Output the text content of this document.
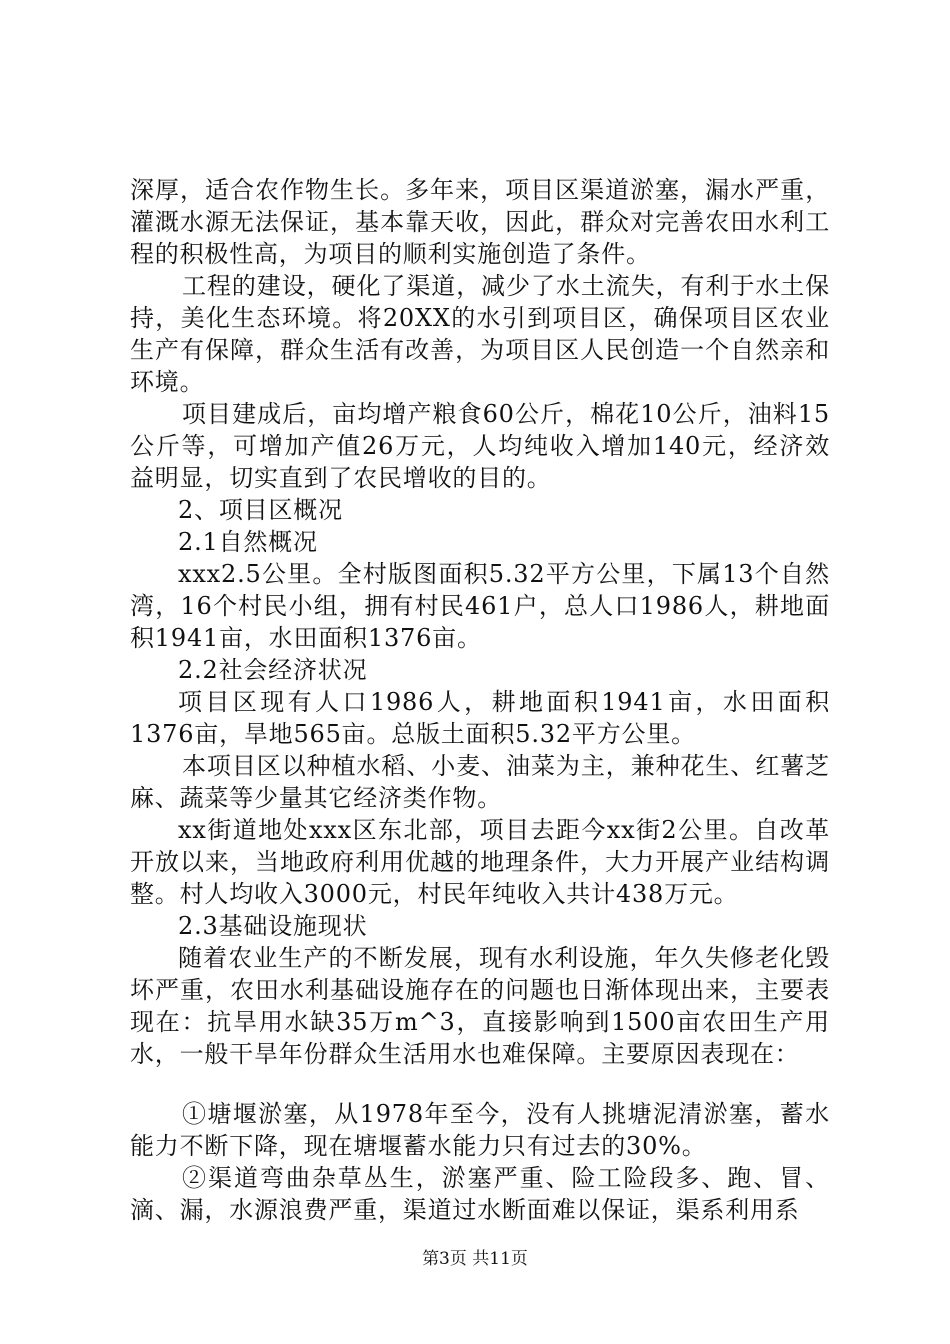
深厚，适合农作物生长。多年来，项目区渠道淤塞，漏水严重，灌溉水源无法保证，基本靠天收，因此，群众对完善农田水利工程的积极性高，为项目的顺利实施创造了条件。

工程的建设，硬化了渠道，减少了水土流失，有利于水土保持，美化生态环境。将20XX的水引到项目区，确保项目区农业生产有保障，群众生活有改善，为项目区人民创造一个自然亲和环境。

项目建成后，亩均增产粮食60公斤，棉花10公斤，油料15公斤等，可增加产值26万元，人均纯收入增加140元，经济效益明显，切实直到了农民增收的目的。

2、项目区概况

2.1自然概况

xxx2.5公里。全村版图面积5.32平方公里，下属13个自然湾，16个村民小组，拥有村民461户，总人口1986人，耕地面积1941亩，水田面积1376亩。

2.2社会经济状况

项目区现有人口1986人，耕地面积1941亩，水田面积1376亩，旱地565亩。总版土面积5.32平方公里。

本项目区以种植水稻、小麦、油菜为主，兼种花生、红薯芝麻、蔬菜等少量其它经济类作物。

xx街道地处xxx区东北部，项目去距今xx街2公里。自改革开放以来，当地政府利用优越的地理条件，大力开展产业结构调整。村人均收入3000元，村民年纯收入共计438万元。

2.3基础设施现状

随着农业生产的不断发展，现有水利设施，年久失修老化毁坏严重，农田水利基础设施存在的问题也日渐体现出来，主要表现在：抗旱用水缺35万m^3，直接影响到1500亩农田生产用水，一般干旱年份群众生活用水也难保障。主要原因表现在：

①塘堰淤塞，从1978年至今，没有人挑塘泥清淤塞，蓄水能力不断下降，现在塘堰蓄水能力只有过去的30%。

②渠道弯曲杂草丛生，淤塞严重、险工险段多、跑、冒、滴、漏，水源浪费严重，渠道过水断面难以保证，渠系利用系

第3页 共11页
